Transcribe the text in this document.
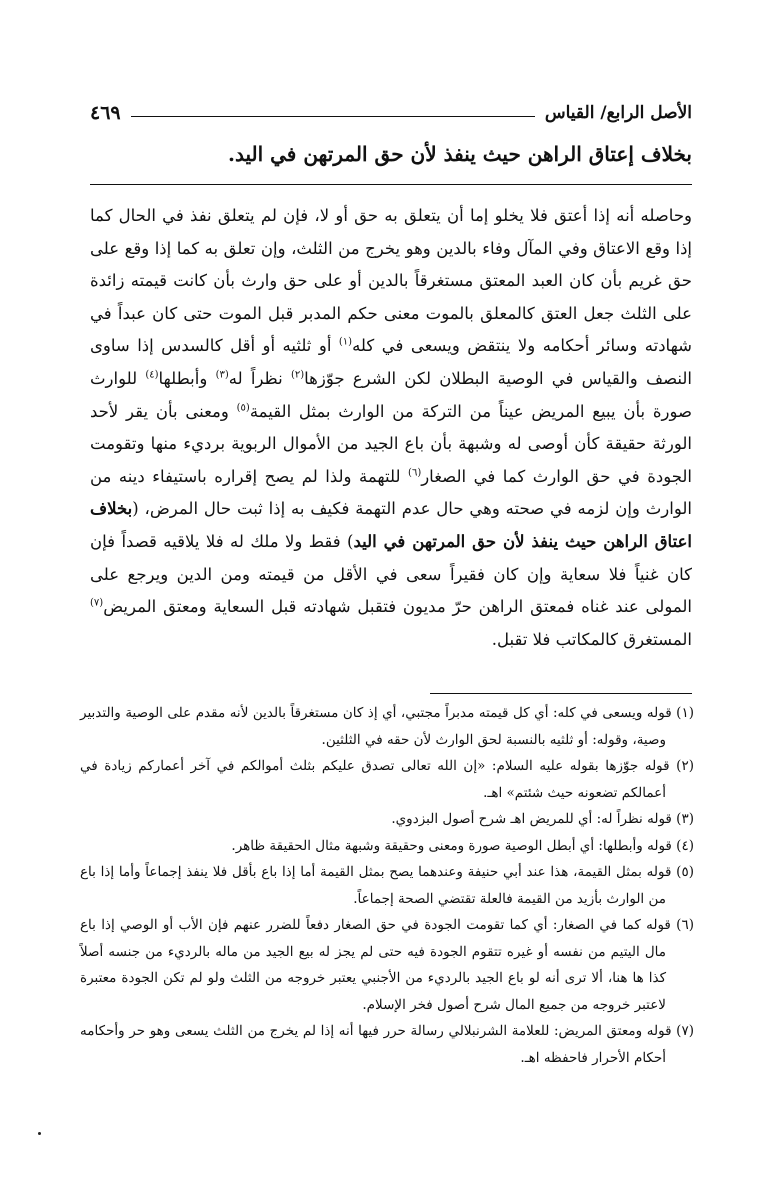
الأصل الرابع/ القياس
٤٦٩
بخلاف إعتاق الراهن حيث ينفذ لأن حق المرتهن في اليد.
وحاصله أنه إذا أعتق فلا يخلو إما أن يتعلق به حق أو لا، فإن لم يتعلق نفذ في الحال كما إذا وقع الاعتاق وفي المآل وفاء بالدين وهو يخرج من الثلث، وإن تعلق به كما إذا وقع على حق غريم بأن كان العبد المعتق مستغرقاً بالدين أو على حق وارث بأن كانت قيمته زائدة على الثلث جعل العتق كالمعلق بالموت معنى حكم المدبر قبل الموت حتى كان عبداً في شهادته وسائر أحكامه ولا ينتقض ويسعى في كله$^{(١)}$ أو ثلثيه أو أقل كالسدس إذا ساوى النصف والقياس في الوصية البطلان لكن الشرع جوّزها$^{(٢)}$ نظراً له$^{(٣)}$ وأبطلها$^{(٤)}$ للوارث صورة بأن يبيع المريض عيناً من التركة من الوارث بمثل القيمة$^{(٥)}$ ومعنى بأن يقر لأحد الورثة حقيقة كأن أوصى له وشبهة بأن باع الجيد من الأموال الربوية برديء منها وتقومت الجودة في حق الوارث كما في الصغار$^{(٦)}$ للتهمة ولذا لم يصح إقراره باستيفاء دينه من الوارث وإن لزمه في صحته وهي حال عدم التهمة فكيف به إذا ثبت حال المرض، (بخلاف اعتاق الراهن حيث ينفذ لأن حق المرتهن في اليد) فقط ولا ملك له فلا يلاقيه قصداً فإن كان غنياً فلا سعاية وإن كان فقيراً سعى في الأقل من قيمته ومن الدين ويرجع على المولى عند غناه فمعتق الراهن حرّ مديون فتقبل شهادته قبل السعاية ومعتق المريض$^{(٧)}$ المستغرق كالمكاتب فلا تقبل.

(١) قوله ويسعى في كله: أي كل قيمته مدبراً مجتبي، أي إذ كان مستغرقاً بالدين لأنه مقدم على الوصية والتدبير وصية، وقوله: أو ثلثيه بالنسبة لحق الوارث لأن حقه في الثلثين.

(٢) قوله جوّزها بقوله عليه السلام: «إن الله تعالى تصدق عليكم بثلث أموالكم في آخر أعماركم زيادة في أعمالكم تضعونه حيث شئتم» اهـ.

(٣) قوله نظراً له: أي للمريض اهـ شرح أصول البزدوي.

(٤) قوله وأبطلها: أي أبطل الوصية صورة ومعنى وحقيقة وشبهة مثال الحقيقة ظاهر.

(٥) قوله بمثل القيمة، هذا عند أبي حنيفة وعندهما يصح بمثل القيمة أما إذا باع بأقل فلا ينفذ إجماعاً وأما إذا باع من الوارث بأزيد من القيمة فالعلة تقتضي الصحة إجماعاً.

(٦) قوله كما في الصغار: أي كما تقومت الجودة في حق الصغار دفعاً للضرر عنهم فإن الأب أو الوصي إذا باع مال اليتيم من نفسه أو غيره تتقوم الجودة فيه حتى لم يجز له بيع الجيد من ماله بالرديء من جنسه أصلاً كذا ها هنا، ألا ترى أنه لو باع الجيد بالرديء من الأجنبي يعتبر خروجه من الثلث ولو لم تكن الجودة معتبرة لاعتبر خروجه من جميع المال شرح أصول فخر الإسلام.

(٧) قوله ومعتق المريض: للعلامة الشرنبلالي رسالة حرر فيها أنه إذا لم يخرج من الثلث يسعى وهو حر وأحكامه أحكام الأحرار فاحفظه اهـ.
